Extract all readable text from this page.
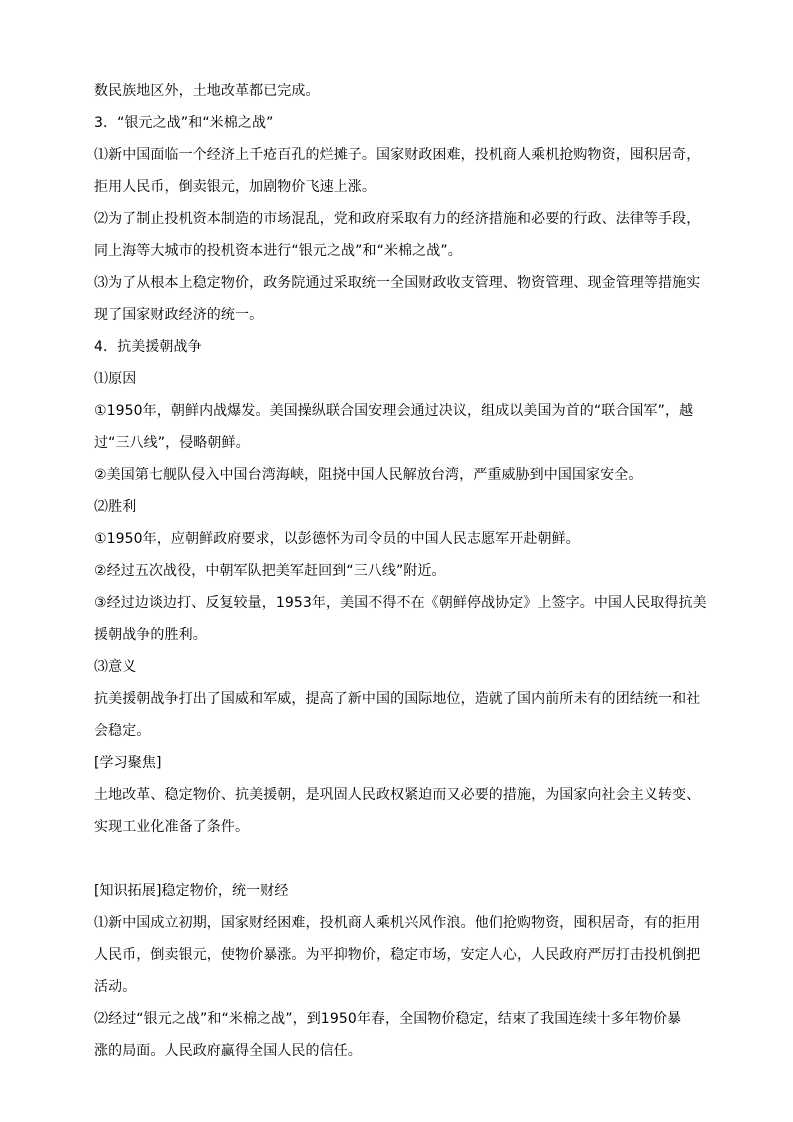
数民族地区外，土地改革都已完成。
3．“银元之战”和“米棉之战”
⑴新中国面临一个经济上千疮百孔的烂摊子。国家财政困难，投机商人乘机抢购物资，囤积居奇，
拒用人民币，倒卖银元，加剧物价飞速上涨。
⑵为了制止投机资本制造的市场混乱，党和政府采取有力的经济措施和必要的行政、法律等手段，
同上海等大城市的投机资本进行“银元之战”和“米棉之战”。
⑶为了从根本上稳定物价，政务院通过采取统一全国财政收支管理、物资管理、现金管理等措施实
现了国家财政经济的统一。
4．抗美援朝战争
⑴原因
①1950年，朝鲜内战爆发。美国操纵联合国安理会通过决议，组成以美国为首的“联合国军”，越
过“三八线”，侵略朝鲜。
②美国第七舰队侵入中国台湾海峡，阻挠中国人民解放台湾，严重威胁到中国国家安全。
⑵胜利
①1950年，应朝鲜政府要求，以彭德怀为司令员的中国人民志愿军开赴朝鲜。
②经过五次战役，中朝军队把美军赶回到“三八线”附近。
③经过边谈边打、反复较量，1953年，美国不得不在《朝鲜停战协定》上签字。中国人民取得抗美
援朝战争的胜利。
⑶意义
抗美援朝战争打出了国威和军威，提高了新中国的国际地位，造就了国内前所未有的团结统一和社
会稳定。
[学习聚焦]
土地改革、稳定物价、抗美援朝，是巩固人民政权紧迫而又必要的措施，为国家向社会主义转变、
实现工业化准备了条件。
[知识拓展]稳定物价，统一财经
⑴新中国成立初期，国家财经困难，投机商人乘机兴风作浪。他们抢购物资，囤积居奇，有的拒用
人民币，倒卖银元，使物价暴涨。为平抑物价，稳定市场，安定人心，人民政府严厉打击投机倒把
活动。
⑵经过“银元之战”和“米棉之战”，到1950年春，全国物价稳定，结束了我国连续十多年物价暴
涨的局面。人民政府赢得全国人民的信任。
